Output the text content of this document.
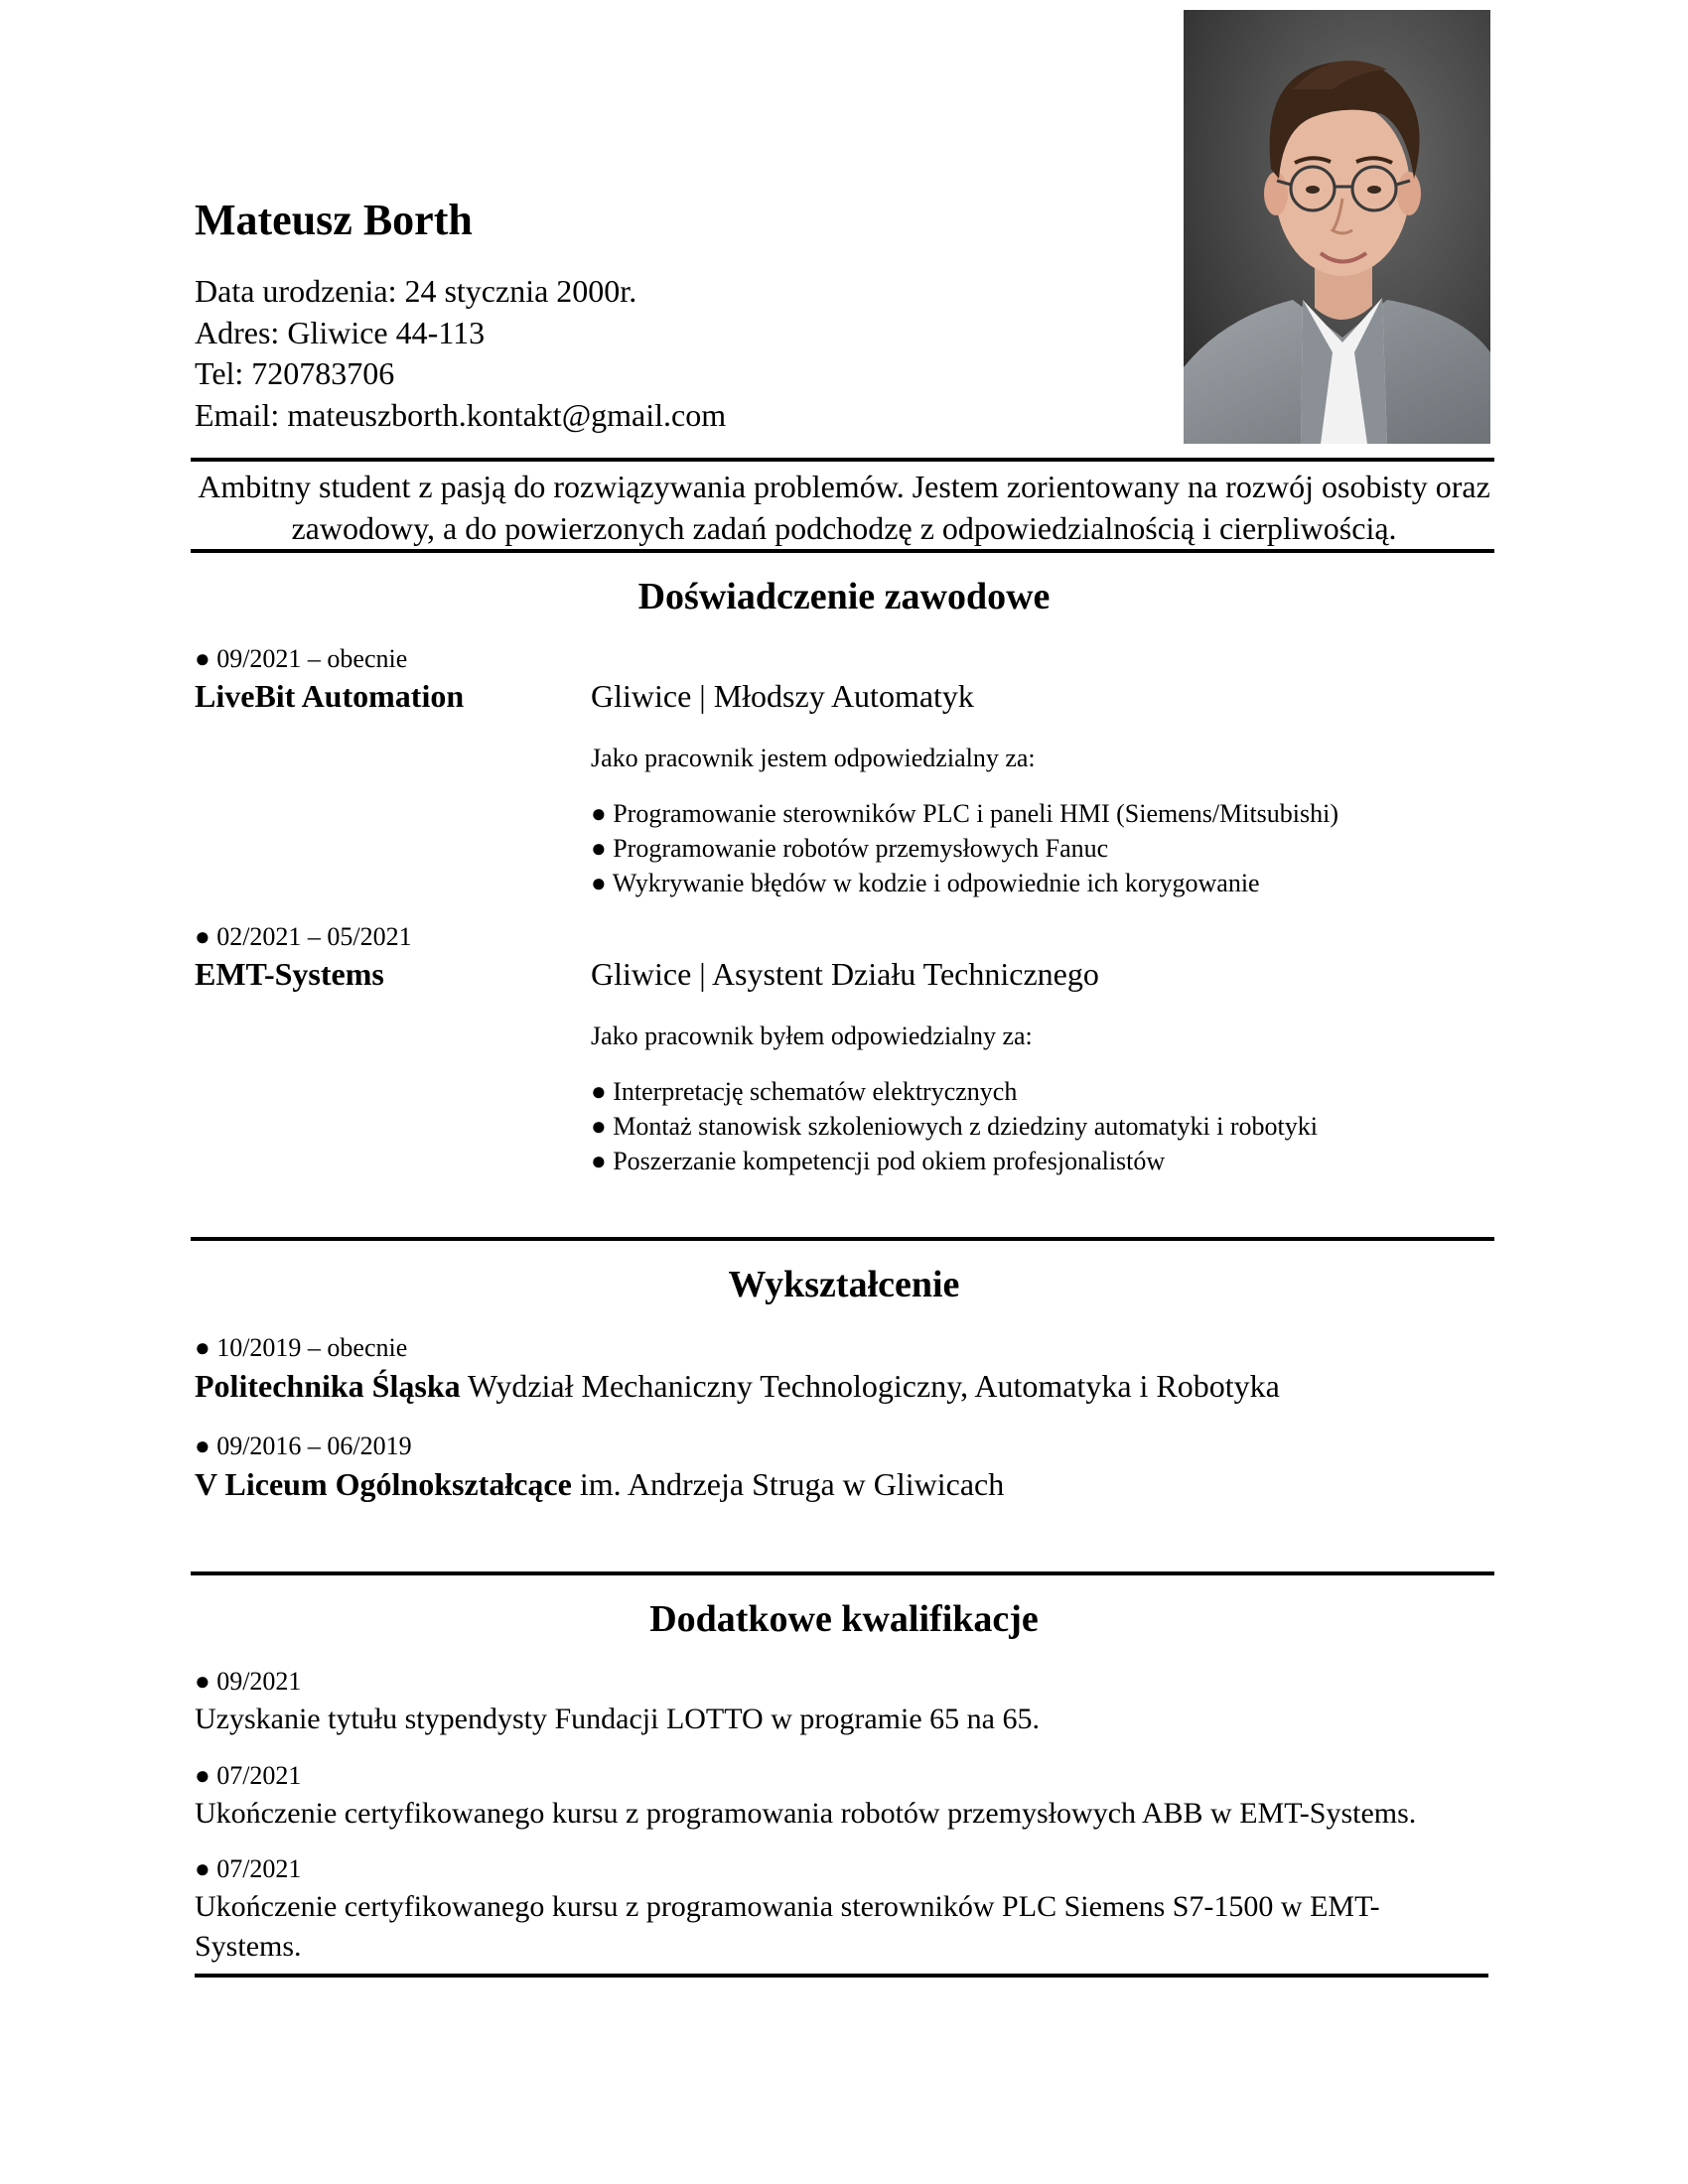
Mateusz Borth
Data urodzenia: 24 stycznia 2000r.
Adres: Gliwice 44-113
Tel: 720783706
Email: mateuszborth.kontakt@gmail.com
Ambitny student z pasją do rozwiązywania problemów. Jestem zorientowany na rozwój osobisty oraz zawodowy, a do powierzonych zadań podchodzę z odpowiedzialnością i cierpliwością.
Doświadczenie zawodowe
● 09/2021 – obecnie
LiveBit Automation	Gliwice | Młodszy Automatyk
Jako pracownik jestem odpowiedzialny za:
● Programowanie sterowników PLC i paneli HMI (Siemens/Mitsubishi)
● Programowanie robotów przemysłowych Fanuc
● Wykrywanie błędów w kodzie i odpowiednie ich korygowanie
● 02/2021 – 05/2021
EMT-Systems	Gliwice | Asystent Działu Technicznego
Jako pracownik byłem odpowiedzialny za:
● Interpretację schematów elektrycznych
● Montaż stanowisk szkoleniowych z dziedziny automatyki i robotyki
● Poszerzanie kompetencji pod okiem profesjonalistów
Wykształcenie
● 10/2019 – obecnie
Politechnika Śląska Wydział Mechaniczny Technologiczny, Automatyka i Robotyka
● 09/2016 – 06/2019
V Liceum Ogólnokształcące im. Andrzeja Struga w Gliwicach
Dodatkowe kwalifikacje
● 09/2021
Uzyskanie tytułu stypendysty Fundacji LOTTO w programie 65 na 65.
● 07/2021
Ukończenie certyfikowanego kursu z programowania robotów przemysłowych ABB w EMT-Systems.
● 07/2021
Ukończenie certyfikowanego kursu z programowania sterowników PLC Siemens S7-1500 w EMT-Systems.
